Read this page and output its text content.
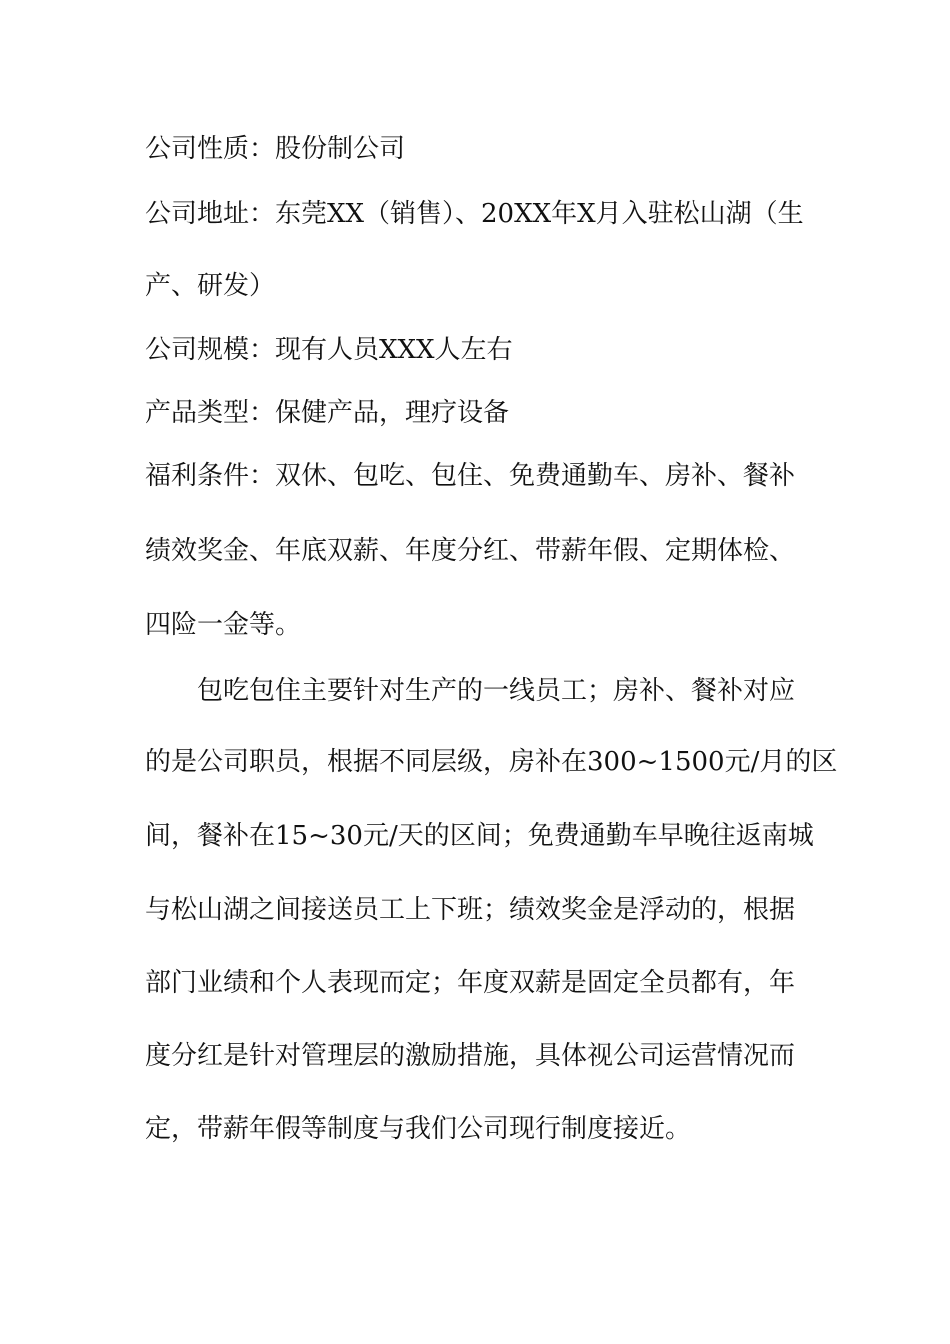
公司性质：股份制公司

公司地址：东莞XX（销售）、20XX年X月入驻松山湖（生

产、研发）

公司规模：现有人员XXX人左右

产品类型：保健产品，理疗设备

福利条件：双休、包吃、包住、免费通勤车、房补、餐补

绩效奖金、年底双薪、年度分红、带薪年假、定期体检、

四险一金等。

包吃包住主要针对生产的一线员工；房补、餐补对应

的是公司职员，根据不同层级，房补在300~1500元/月的区

间，餐补在15~30元/天的区间；免费通勤车早晚往返南城

与松山湖之间接送员工上下班；绩效奖金是浮动的，根据

部门业绩和个人表现而定；年度双薪是固定全员都有，年

度分红是针对管理层的激励措施，具体视公司运营情况而

定，带薪年假等制度与我们公司现行制度接近。
